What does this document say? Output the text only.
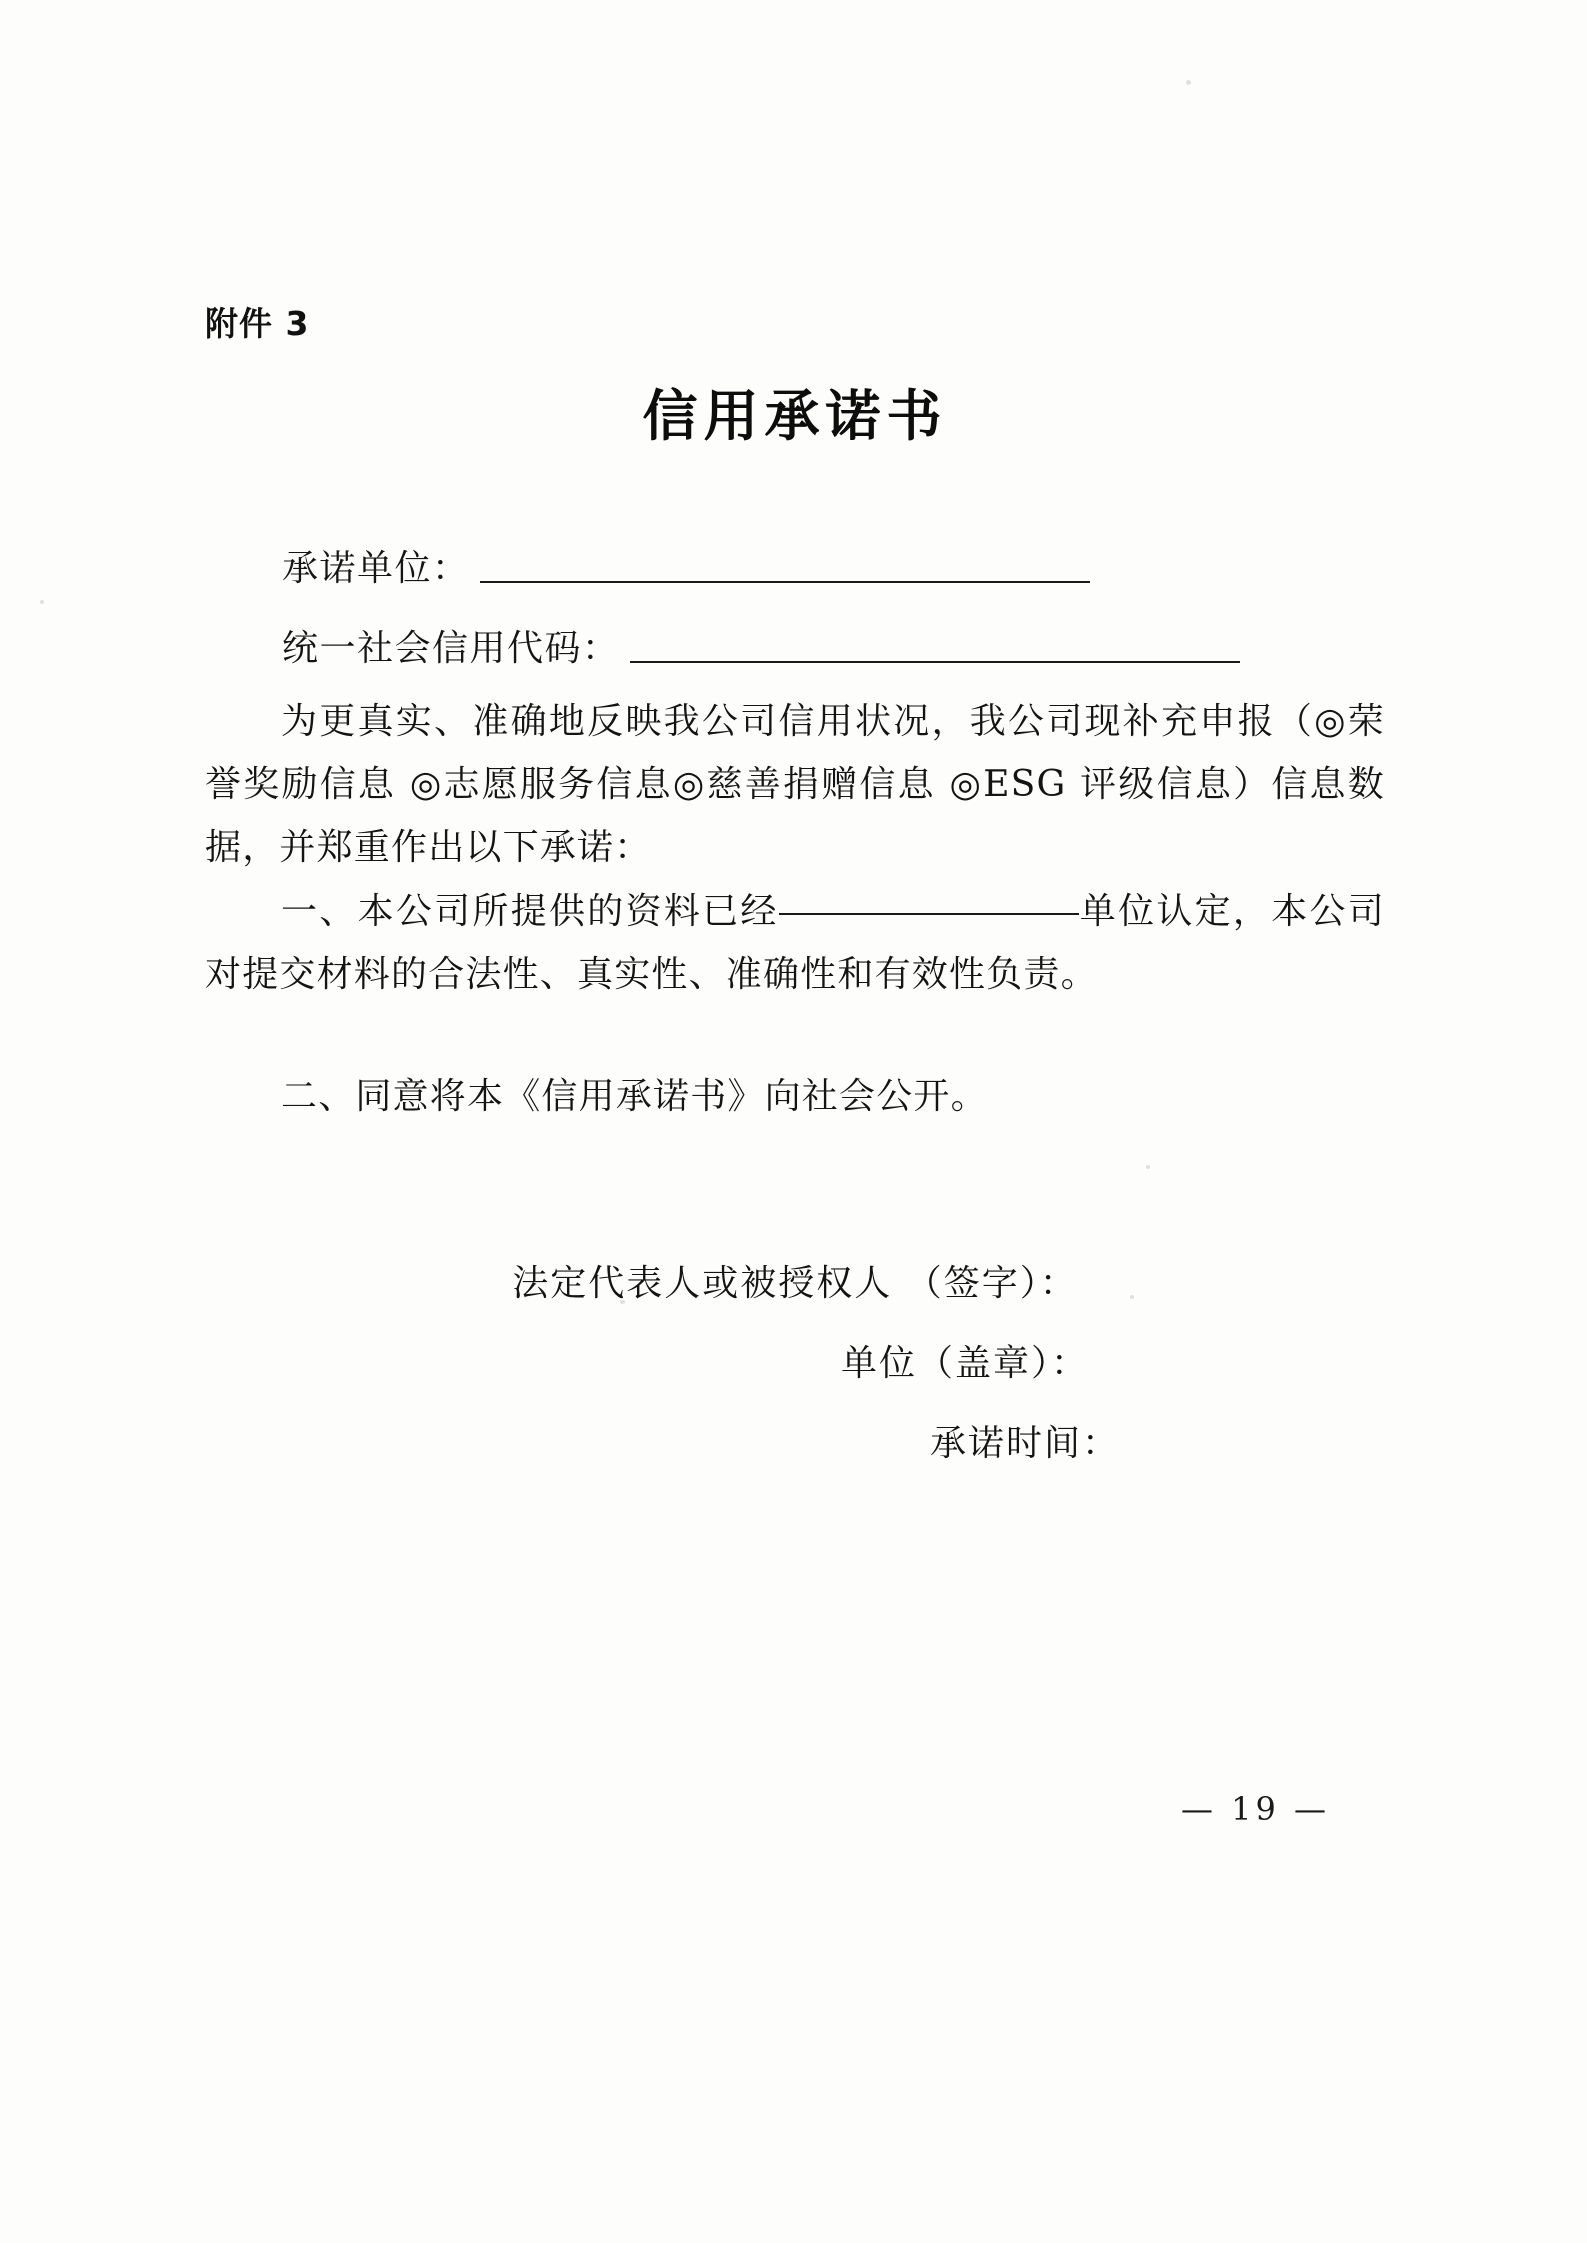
附件 3
信用承诺书
承诺单位：
统一社会信用代码：
为更真实、准确地反映我公司信用状况，我公司现补充申报（◎荣誉奖励信息 ◎志愿服务信息◎慈善捐赠信息 ◎ESG 评级信息）信息数据，并郑重作出以下承诺：
一、本公司所提供的资料已经	单位认定，本公司对提交材料的合法性、真实性、准确性和有效性负责。
二、同意将本《信用承诺书》向社会公开。
法定代表人或被授权人 （签字）：
单位（盖章）：
承诺时间：
— 19 —
